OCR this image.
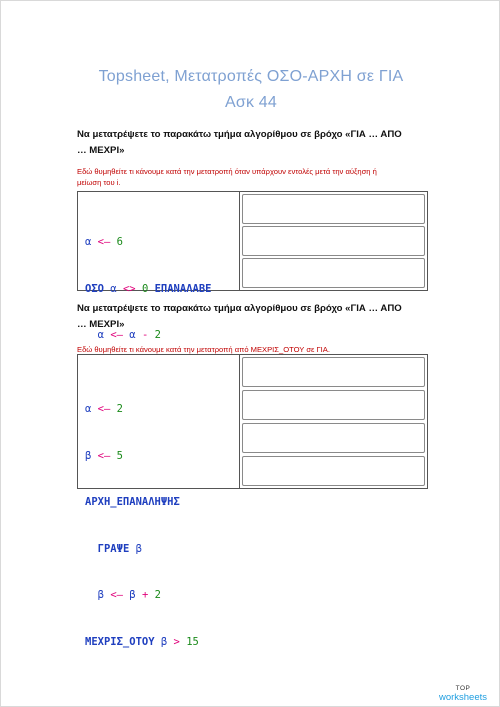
Topsheet, Μετατροπές ΟΣΟ-ΑΡΧΗ σε ΓΙΑ
Ασκ 44
Να μετατρέψετε το παρακάτω τμήμα αλγορίθμου σε βρόχο «ΓΙΑ … ΑΠΟ
… ΜΕΧΡΙ»
Εδώ θυμηθείτε τι κάνουμε κατά την μετατροπή όταν υπάρχουν εντολές μετά την αύξηση ή
μείωση του i.

α <— 6

ΟΣΟ α <> 0 ΕΠΑΝΑΛΑΒΕ

α <— α - 2

Να μετατρέψετε το παρακάτω τμήμα αλγορίθμου σε βρόχο «ΓΙΑ … ΑΠΟ
… ΜΕΧΡΙ»
Εδώ θυμηθείτε τι κάνουμε κατά την μετατροπή από ΜΕΧΡΙΣ_ΟΤΟΥ σε ΓΙΑ.

α <— 2

β <— 5

ΑΡΧΗ_ΕΠΑΝΑΛΗΨΗΣ

ΓΡΑΨΕ β

β <— β + 2

ΜΕΧΡΙΣ_ΟΤΟΥ β > 15

TOP
worksheets
